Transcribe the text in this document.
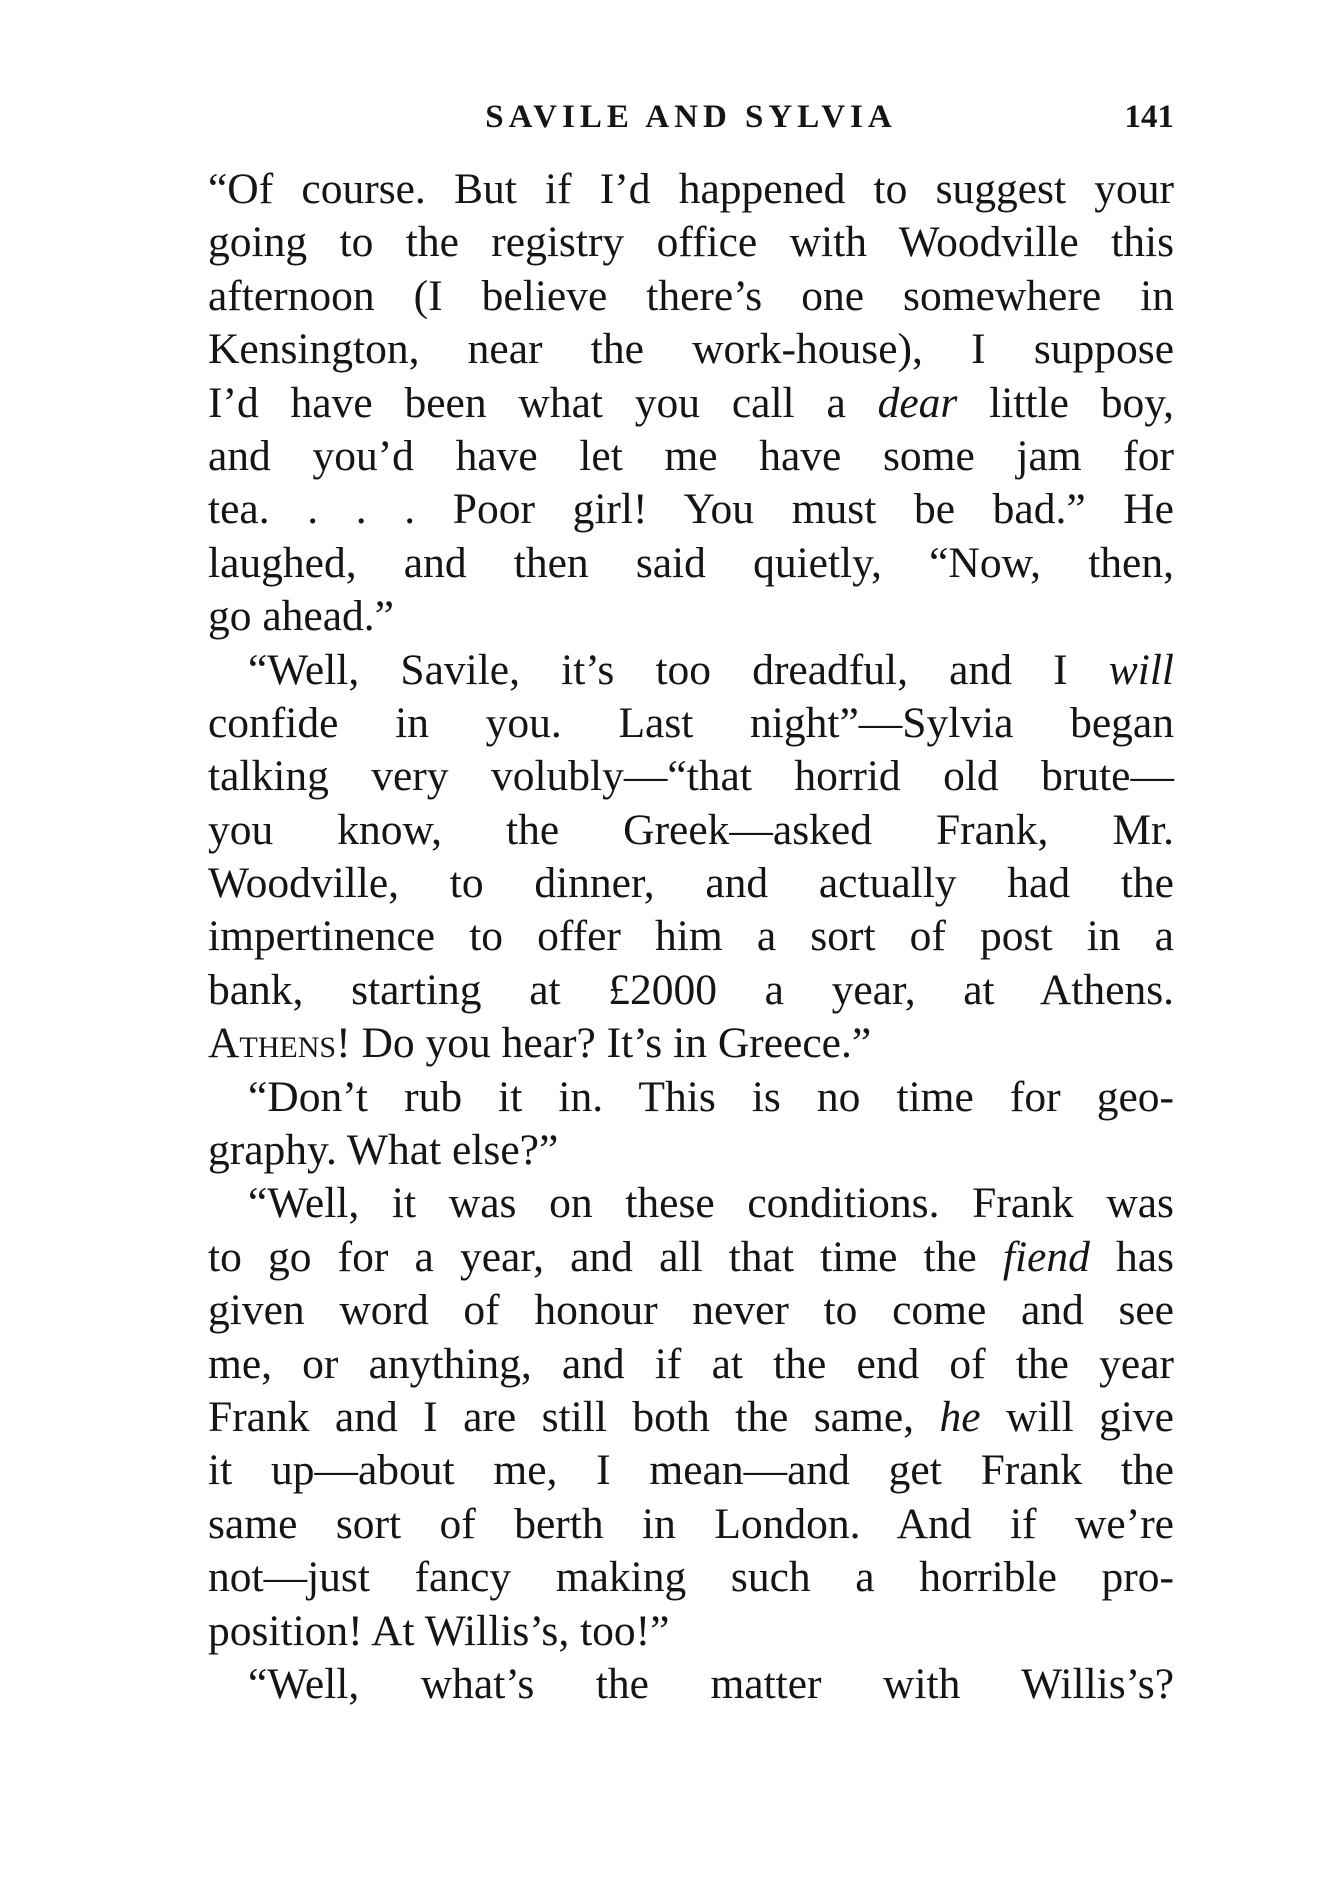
SAVILE AND SYLVIA	141
“Of course. But if I’d happened to suggest your
going to the registry office with Woodville this
afternoon (I believe there’s one somewhere in
Kensington, near the work-house), I suppose
I’d have been what you call a dear little boy,
and you’d have let me have some jam for
tea. . . . Poor girl! You must be bad.” He
laughed, and then said quietly, “Now, then,
go ahead.”
“Well, Savile, it’s too dreadful, and I will
confide in you. Last night”—Sylvia began
talking very volubly—“that horrid old brute—
you know, the Greek—asked Frank, Mr.
Woodville, to dinner, and actually had the
impertinence to offer him a sort of post in a
bank, starting at £2000 a year, at Athens.
Athens! Do you hear? It’s in Greece.”
“Don’t rub it in. This is no time for geo-
graphy. What else?”
“Well, it was on these conditions. Frank was
to go for a year, and all that time the fiend has
given word of honour never to come and see
me, or anything, and if at the end of the year
Frank and I are still both the same, he will give
it up—about me, I mean—and get Frank the
same sort of berth in London. And if we’re
not—just fancy making such a horrible pro-
position! At Willis’s, too!”
“Well, what’s the matter with Willis’s?
